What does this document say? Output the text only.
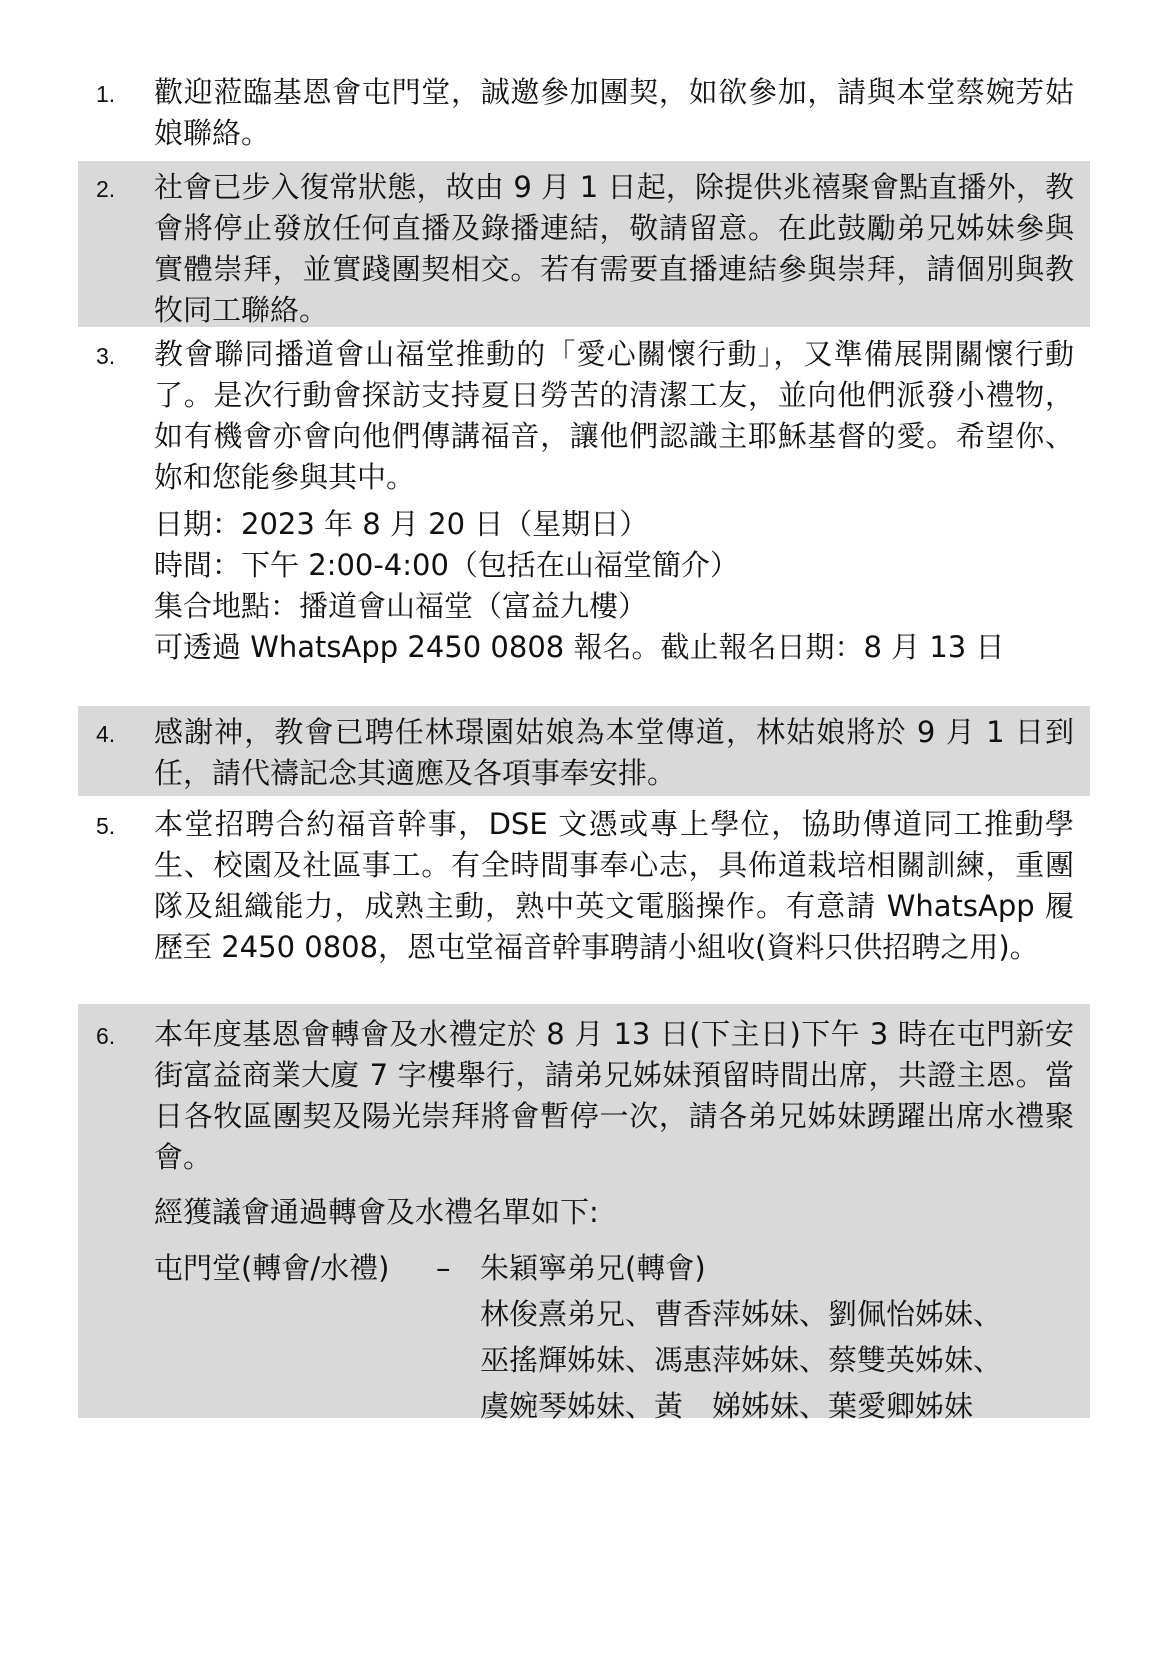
1. 歡迎蒞臨基恩會屯門堂，誠邀參加團契，如欲參加，請與本堂蔡婉芳姑娘聯絡。
2. 社會已步入復常狀態，故由 9 月 1 日起，除提供兆禧聚會點直播外，教會將停止發放任何直播及錄播連結，敬請留意。在此鼓勵弟兄姊妹參與實體崇拜，並實踐團契相交。若有需要直播連結參與崇拜，請個別與教牧同工聯絡。
3. 教會聯同播道會山福堂推動的「愛心關懷行動」，又準備展開關懷行動了。是次行動會探訪支持夏日勞苦的清潔工友，並向他們派發小禮物，如有機會亦會向他們傳講福音，讓他們認識主耶穌基督的愛。希望你、妳和您能參與其中。
日期：2023 年 8 月 20 日（星期日）
時間：下午 2:00-4:00（包括在山福堂簡介）
集合地點：播道會山福堂（富益九樓）
可透過 WhatsApp 2450 0808 報名。截止報名日期：8 月 13 日
4. 感謝神，教會已聘任林璟園姑娘為本堂傳道，林姑娘將於 9 月 1 日到任，請代禱記念其適應及各項事奉安排。
5. 本堂招聘合約福音幹事，DSE 文憑或專上學位，協助傳道同工推動學生、校園及社區事工。有全時間事奉心志，具佈道栽培相關訓練，重團隊及組織能力，成熟主動，熟中英文電腦操作。有意請 WhatsApp 履歷至 2450 0808，恩屯堂福音幹事聘請小組收(資料只供招聘之用)。
6. 本年度基恩會轉會及水禮定於 8 月 13 日(下主日)下午 3 時在屯門新安街富益商業大廈 7 字樓舉行，請弟兄姊妹預留時間出席，共證主恩。當日各牧區團契及陽光崇拜將會暫停一次，請各弟兄姊妹踴躍出席水禮聚會。
經獲議會通過轉會及水禮名單如下:
屯門堂(轉會/水禮) – 朱穎寧弟兄(轉會)
林俊熹弟兄、曹香萍姊妹、劉佩怡姊妹、
巫搖輝姊妹、馮惠萍姊妹、蔡雙英姊妹、
虞婉琴姊妹、黃　娣姊妹、葉愛卿姊妹
